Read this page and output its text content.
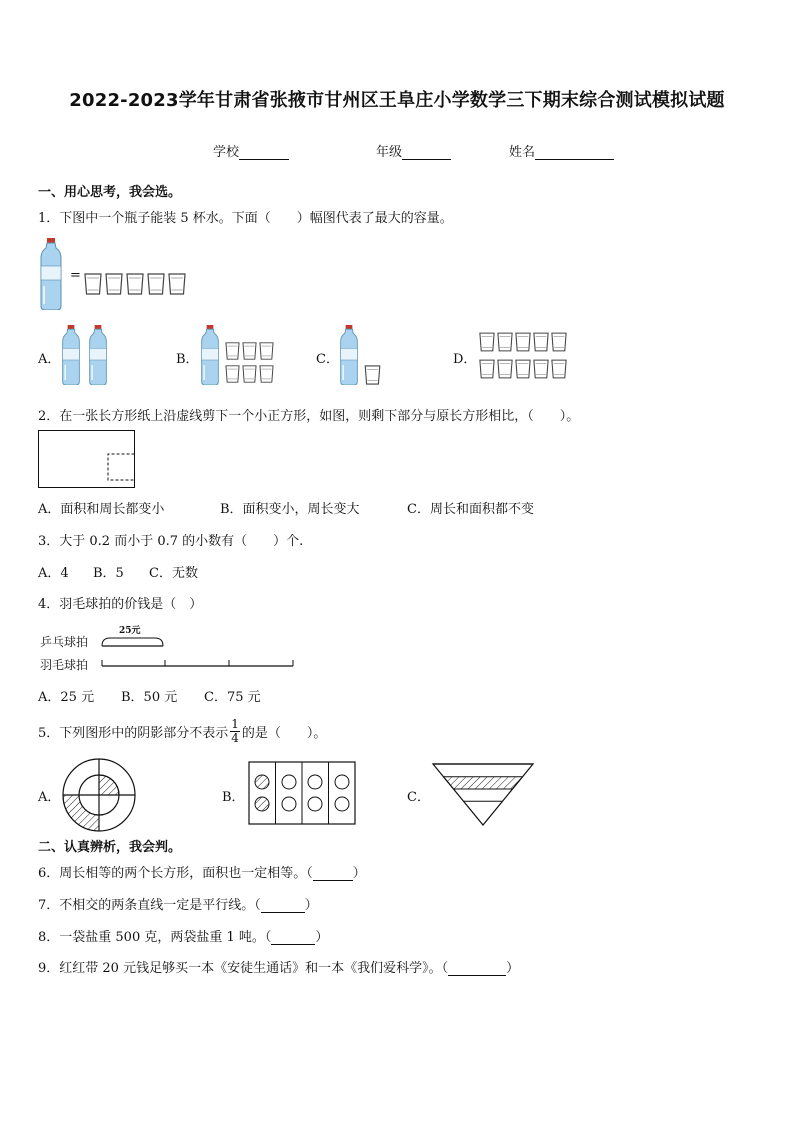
2022-2023学年甘肃省张掖市甘州区王阜庄小学数学三下期末综合测试模拟试题
学校	年级	姓名
一、用心思考，我会选。
1．下图中一个瓶子能装 5 杯水。下面（　　）幅图代表了最大的容量。
=
A．	B．	C．	D．
2．在一张长方形纸上沿虚线剪下一个小正方形，如图，则剩下部分与原长方形相比，（　　）。
A．面积和周长都变小	B．面积变小，周长变大	C．周长和面积都不变
3．大于 0.2 而小于 0.7 的小数有（　　）个.
A．4 B．5 C．无数
4．羽毛球拍的价钱是（　）
乒乓球拍
羽毛球拍
25元
A．25 元 B．50 元 C．75 元
5．下列图形中的阴影部分不表示 $\frac{1}{4}$ 的是（　　）。
A．	B．	C．
二、认真辨析，我会判。
6．周长相等的两个长方形，面积也一定相等。（	）
7．不相交的两条直线一定是平行线。（	）
8．一袋盐重 500 克，两袋盐重 1 吨。（	）
9．红红带 20 元钱足够买一本《安徒生通话》和一本《我们爱科学》。（	）
